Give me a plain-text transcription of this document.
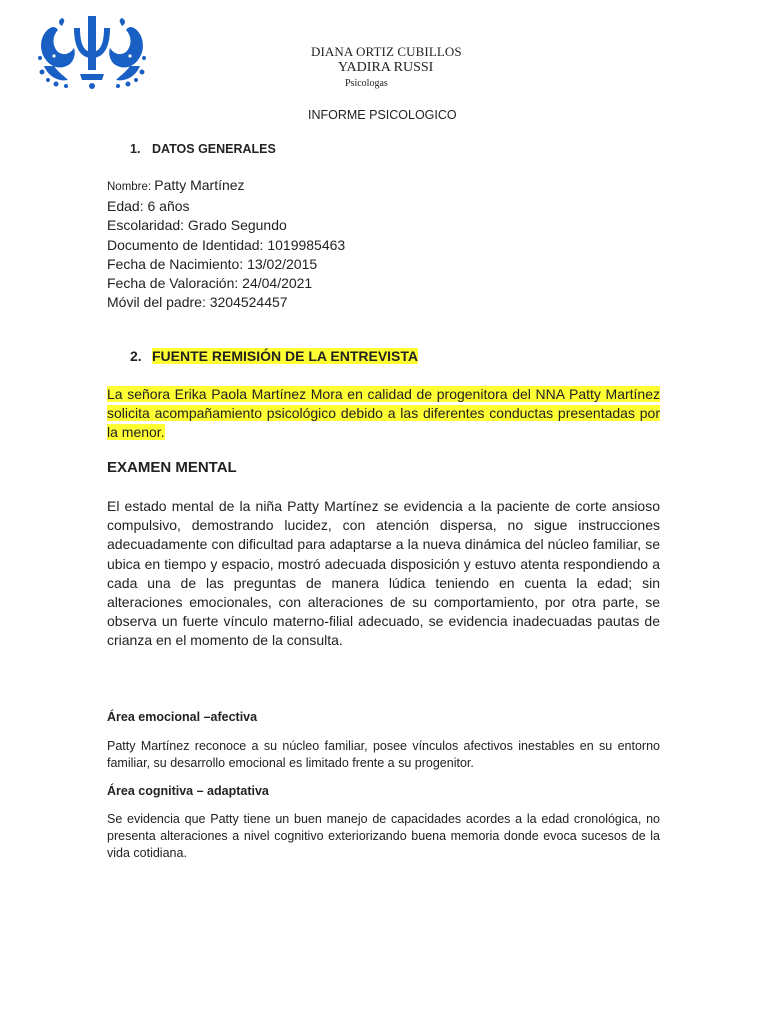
DIANA ORTIZ CUBILLOS
YADIRA RUSSI
Psicologas
INFORME PSICOLOGICO
1. DATOS GENERALES
Nombre: Patty Martínez
Edad: 6 años
Escolaridad: Grado Segundo
Documento de Identidad: 1019985463
Fecha de Nacimiento: 13/02/2015
Fecha de Valoración: 24/04/2021
Móvil del padre: 3204524457
2. FUENTE REMISIÓN DE LA ENTREVISTA
La señora Erika Paola Martínez Mora en calidad de progenitora del NNA Patty Martínez solicita acompañamiento psicológico debido a las diferentes conductas presentadas por la menor.
EXAMEN MENTAL
El estado mental de la niña Patty Martínez se evidencia a la paciente de corte ansioso compulsivo, demostrando lucidez, con atención dispersa, no sigue instrucciones adecuadamente con dificultad para adaptarse a la nueva dinámica del núcleo familiar, se ubica en tiempo y espacio, mostró adecuada disposición y estuvo atenta respondiendo a cada una de las preguntas de manera lúdica teniendo en cuenta la edad; sin alteraciones emocionales, con alteraciones de su comportamiento, por otra parte, se observa un fuerte vínculo materno-filial adecuado, se evidencia inadecuadas pautas de crianza en el momento de la consulta.
Área emocional –afectiva
Patty Martínez reconoce a su núcleo familiar, posee vínculos afectivos inestables en su entorno familiar, su desarrollo emocional es limitado frente a su progenitor.
Área cognitiva – adaptativa
Se evidencia que Patty tiene un buen manejo de capacidades acordes a la edad cronológica, no presenta alteraciones a nivel cognitivo exteriorizando buena memoria donde evoca sucesos de la vida cotidiana.
